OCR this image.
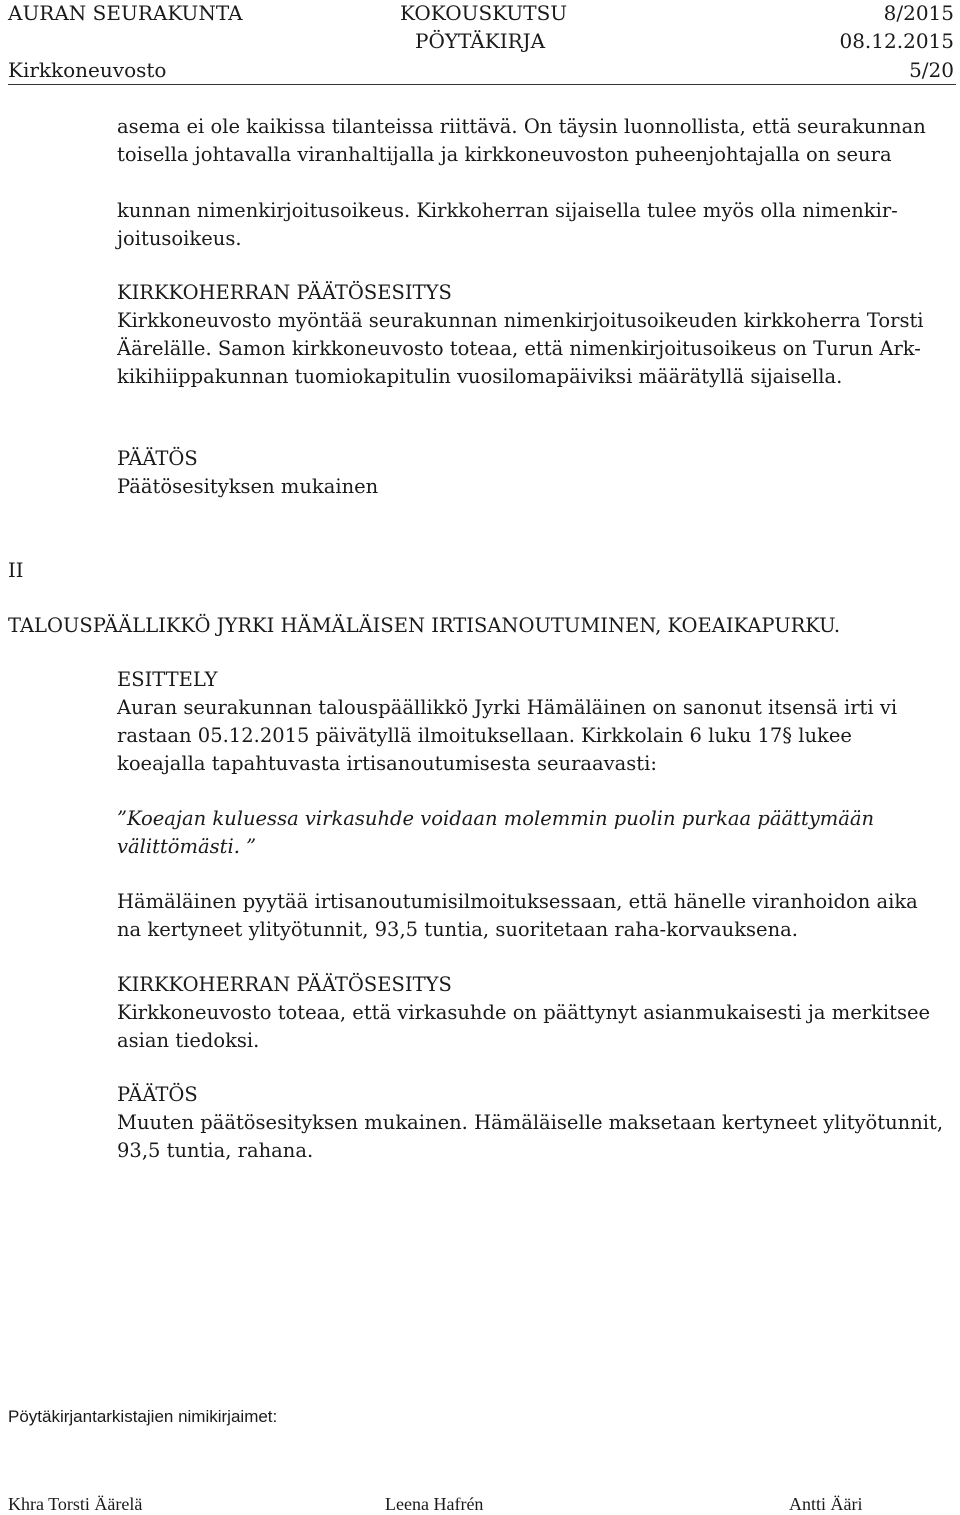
AURAN SEURAKUNTA
Kirkkoneuvosto
KOKOUSKUTSU
PÖYTÄKIRJA
8/2015
08.12.2015
5/20
asema ei ole kaikissa tilanteissa riittävä. On täysin luonnollista, että seurakunnan
toisella johtavalla viranhaltijalla ja kirkkoneuvoston puheenjohtajalla on seura
kunnan nimenkirjoitusoikeus. Kirkkoherran sijaisella tulee myös olla nimenkir-
joitusoikeus.
KIRKKOHERRAN PÄÄTÖSESITYS
Kirkkoneuvosto myöntää seurakunnan nimenkirjoitusoikeuden kirkkoherra Torsti
Äärelälle. Samon kirkkoneuvosto toteaa, että nimenkirjoitusoikeus on Turun Ark-
kikihiippakunnan tuomiokapitulin vuosilomapäiviksi määrätyllä sijaisella.
PÄÄTÖS
Päätösesityksen mukainen
II
TALOUSPÄÄLLIKKÖ JYRKI HÄMÄLÄISEN IRTISANOUTUMINEN, KOEAIKAPURKU.
ESITTELY
Auran seurakunnan talouspäällikkö Jyrki Hämäläinen on sanonut itsensä irti vi
rastaan 05.12.2015 päivätyllä ilmoituksellaan. Kirkkolain 6 luku 17§ lukee
koeajalla tapahtuvasta irtisanoutumisesta seuraavasti:
”Koeajan kuluessa virkasuhde voidaan molemmin puolin purkaa päättymään
välittömästi. ”
Hämäläinen pyytää irtisanoutumisilmoituksessaan, että hänelle viranhoidon aika
na kertyneet ylityötunnit, 93,5 tuntia, suoritetaan raha-korvauksena.
KIRKKOHERRAN PÄÄTÖSESITYS
Kirkkoneuvosto toteaa, että virkasuhde on päättynyt asianmukaisesti ja merkitsee
asian tiedoksi.
PÄÄTÖS
Muuten päätösesityksen mukainen. Hämäläiselle maksetaan kertyneet ylityötunnit,
93,5 tuntia, rahana.
Pöytäkirjantarkistajien nimikirjaimet:
Khra Torsti Äärelä	Leena Hafrén	Antti Ääri
